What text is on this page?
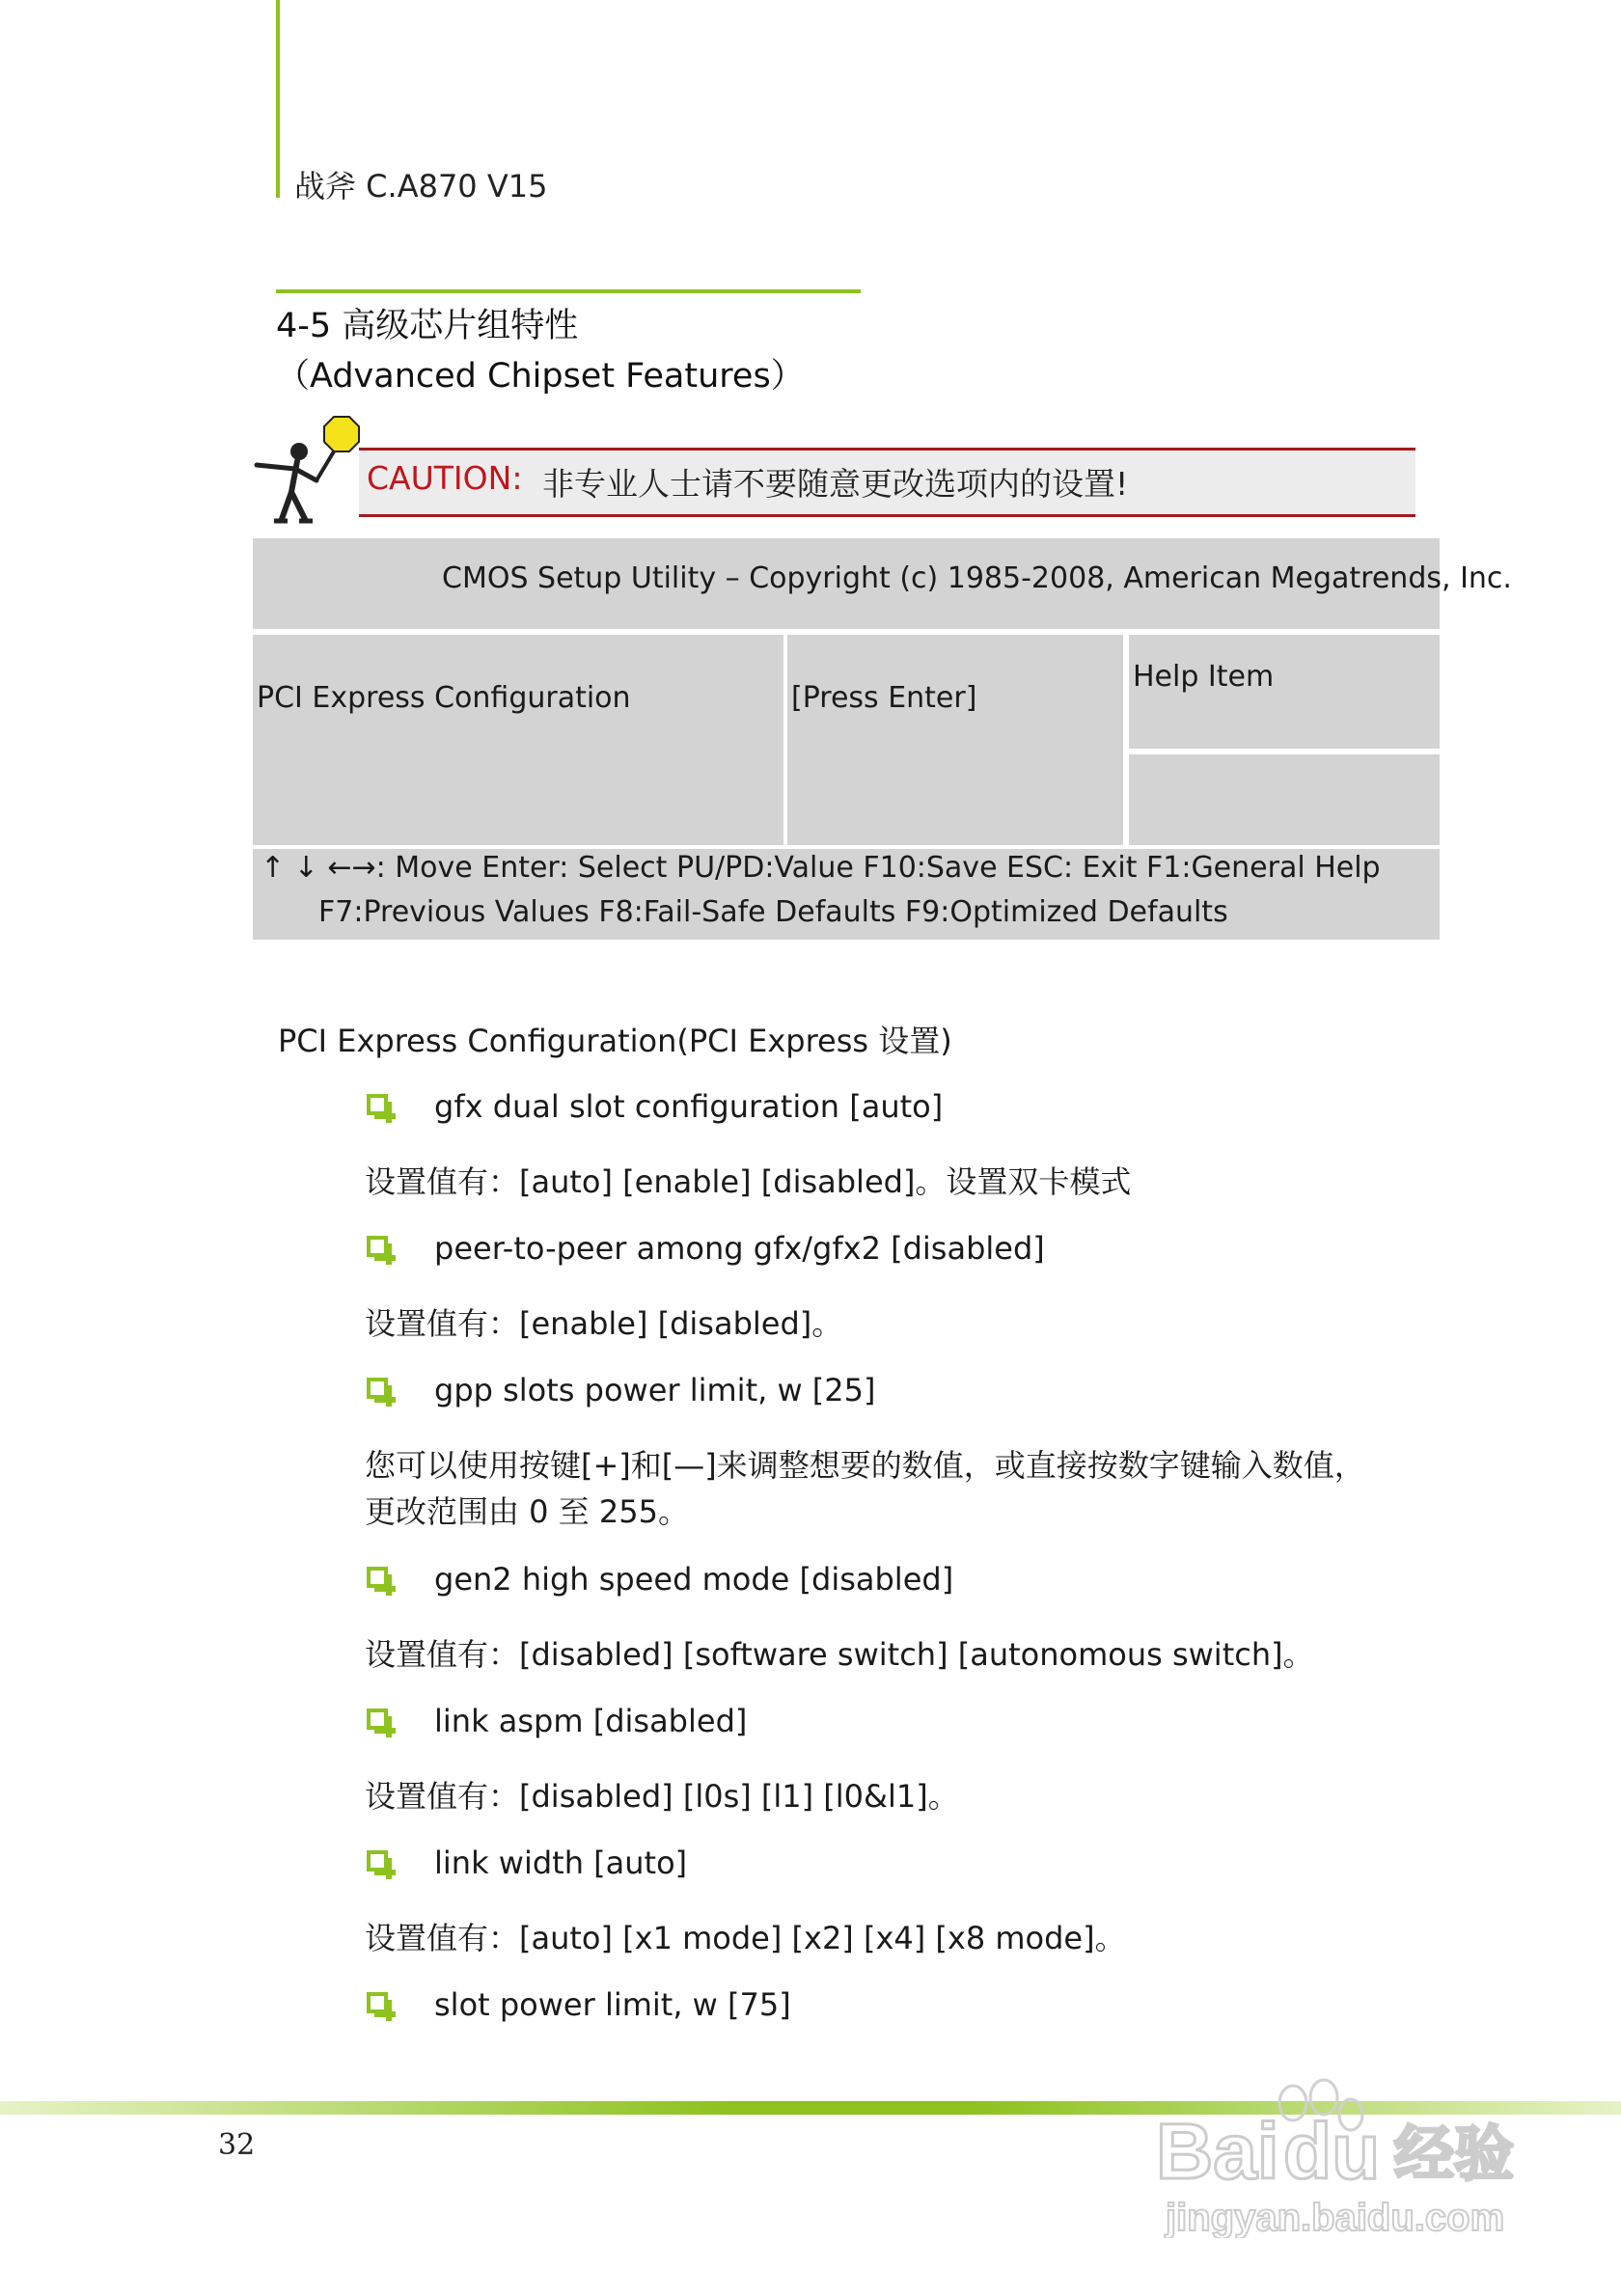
战斧 C.A870 V15
4-5 高级芯片组特性
（Advanced Chipset Features）
CAUTION: 非专业人士请不要随意更改选项内的设置!
CMOS Setup Utility – Copyright (c) 1985-2008, American Megatrends, Inc.
PCI Express Configuration	[Press Enter]
Help Item
↑ ↓ ←→: Move Enter: Select PU/PD:Value F10:Save ESC: Exit F1:General Help
F7:Previous Values F8:Fail-Safe Defaults F9:Optimized Defaults
PCI Express Configuration(PCI Express 设置)
gfx dual slot configuration [auto]
设置值有：[auto] [enable] [disabled]。设置双卡模式
peer-to-peer among gfx/gfx2 [disabled]
设置值有：[enable] [disabled]。
gpp slots power limit, w [25]
您可以使用按键[+]和[—]来调整想要的数值，或直接按数字键输入数值，
更改范围由 0 至 255。
gen2 high speed mode [disabled]
设置值有：[disabled] [software switch] [autonomous switch]。
link aspm [disabled]
设置值有：[disabled] [l0s] [l1] [l0&l1]。
link width [auto]
设置值有：[auto] [x1 mode] [x2] [x4] [x8 mode]。
slot power limit, w [75]
32	Bai du 经验
jingyan.baidu.com
